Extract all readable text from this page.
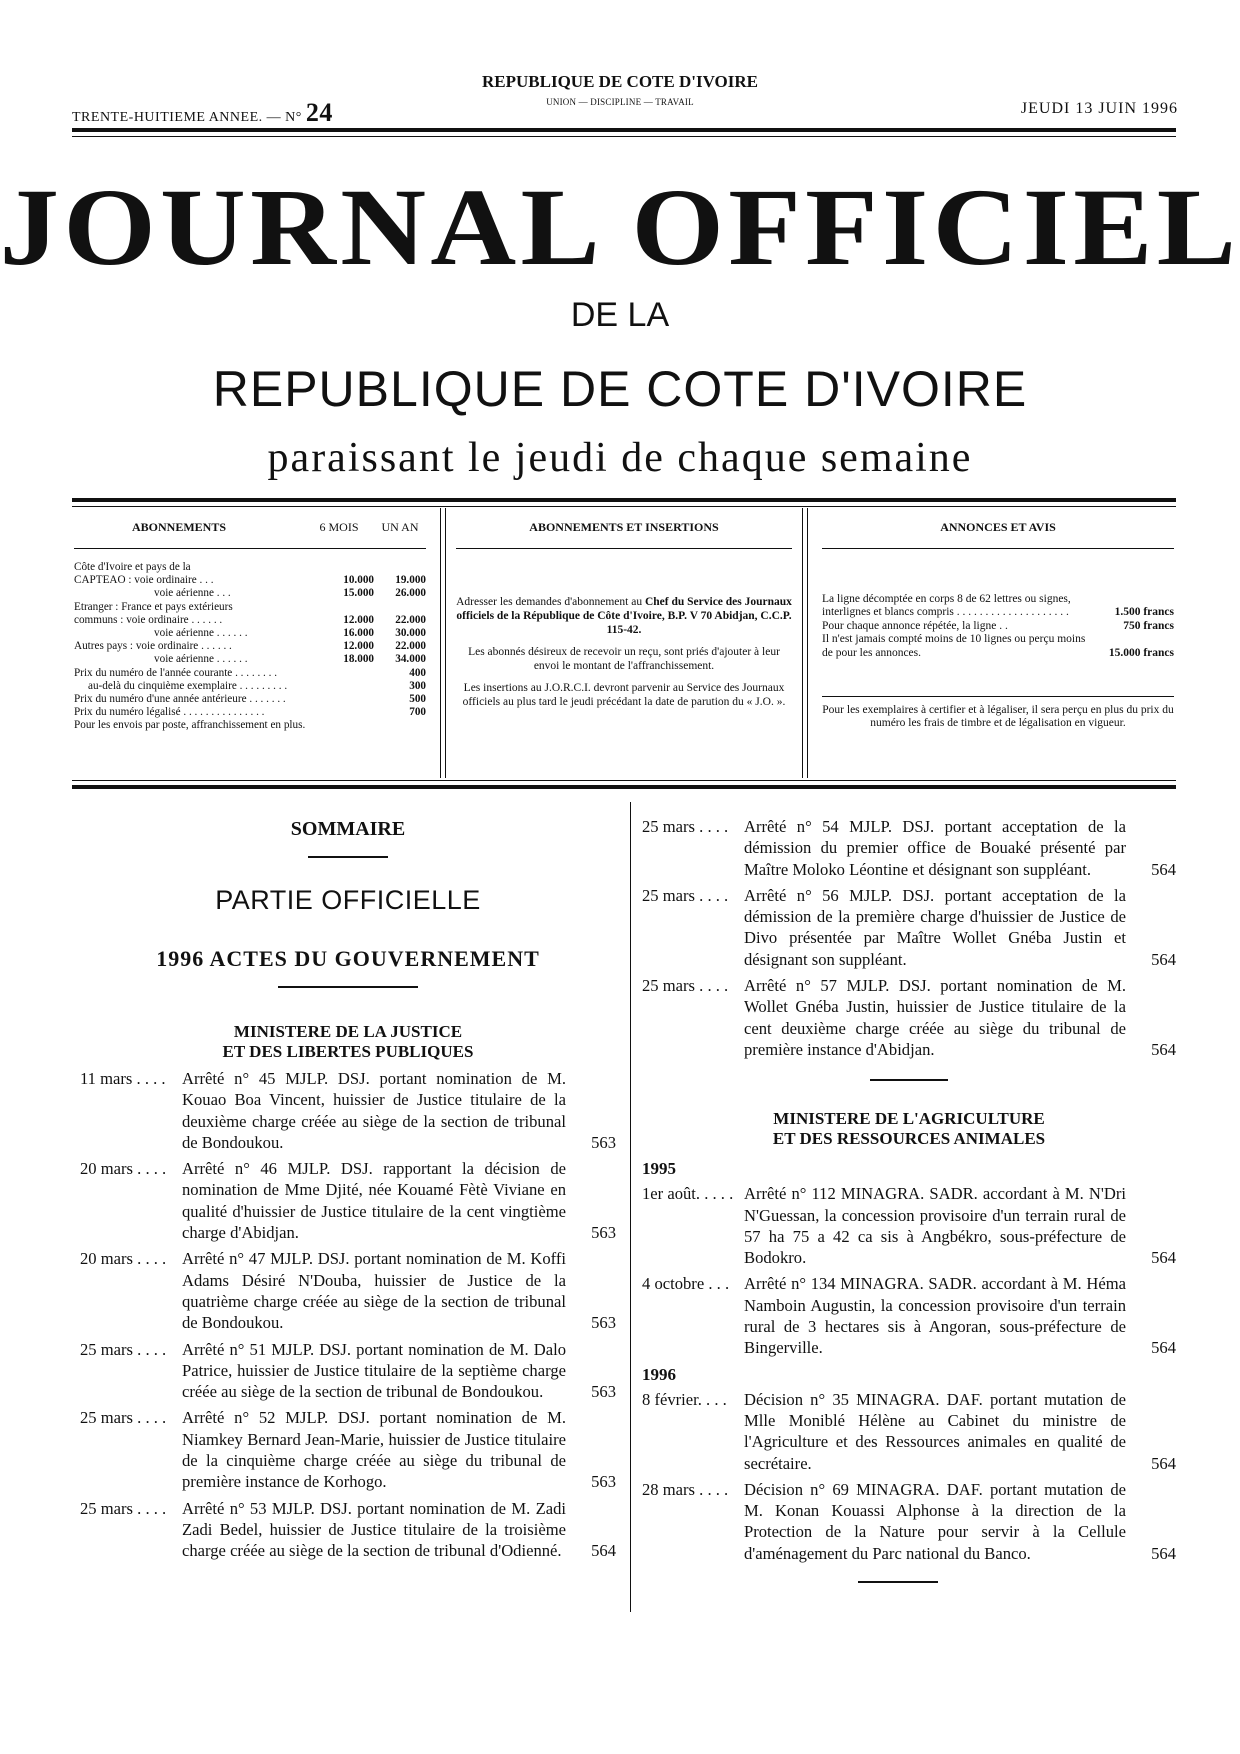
TRENTE-HUITIEME ANNEE. — N° 24
REPUBLIQUE DE COTE D'IVOIRE
UNION — DISCIPLINE — TRAVAIL	JEUDI 13 JUIN 1996
JOURNAL OFFICIEL
DE LA
REPUBLIQUE DE COTE D'IVOIRE
paraissant le jeudi de chaque semaine
ABONNEMENTS	6 MOIS	UN AN
Côte d'Ivoire et pays de la
CAPTEAO : voie ordinaire . . .	10.000	19.000
voie aérienne . . .	15.000	26.000
Etranger : France et pays extérieurs
communs : voie ordinaire . . . . . .	12.000	22.000
voie aérienne . . . . . .	16.000	30.000
Autres pays : voie ordinaire . . . . . .	12.000	22.000
voie aérienne . . . . . .	18.000	34.000
Prix du numéro de l'année courante . . . . . . . .	400
au-delà du cinquième exemplaire . . . . . . . . .	300
Prix du numéro d'une année antérieure . . . . . . .	500
Prix du numéro légalisé . . . . . . . . . . . . . . .	700
Pour les envois par poste, affranchissement en plus.
ABONNEMENTS ET INSERTIONS

Adresser les demandes d'abonnement au Chef du Service des Journaux officiels de la République de Côte d'Ivoire, B.P. V 70 Abidjan, C.C.P. 115-42.

Les abonnés désireux de recevoir un reçu, sont priés d'ajouter à leur envoi le montant de l'affranchissement.

Les insertions au J.O.R.C.I. devront parvenir au Service des Journaux officiels au plus tard le jeudi précédant la date de parution du « J.O. ».

ANNONCES ET AVIS
La ligne décomptée en corps 8 de 62 lettres ou signes, interlignes et blancs compris . . . . . . . . . . . . . . . . . . . .	1.500 francs
Pour chaque annonce répétée, la ligne . .	750 francs
Il n'est jamais compté moins de 10 lignes ou perçu moins de pour les annonces.	15.000 francs
Pour les exemplaires à certifier et à légaliser, il sera perçu en plus du prix du numéro les frais de timbre et de légalisation en vigueur.
SOMMAIRE
PARTIE OFFICIELLE
1996 ACTES DU GOUVERNEMENT
MINISTERE DE LA JUSTICE
ET DES LIBERTES PUBLIQUES
11 mars . . . . Arrêté n° 45 MJLP. DSJ. portant nomination de M. Kouao Boa Vincent, huissier de Justice titulaire de la deuxième charge créée au siège de la section de tribunal de Bondoukou.	563
20 mars . . . . Arrêté n° 46 MJLP. DSJ. rapportant la décision de nomination de Mme Djité, née Kouamé Fètè Viviane en qualité d'huissier de Justice titulaire de la cent vingtième charge d'Abidjan.	563
20 mars . . . . Arrêté n° 47 MJLP. DSJ. portant nomination de M. Koffi Adams Désiré N'Douba, huissier de Justice de la quatrième charge créée au siège de la section de tribunal de Bondoukou.	563
25 mars . . . . Arrêté n° 51 MJLP. DSJ. portant nomination de M. Dalo Patrice, huissier de Justice titulaire de la septième charge créée au siège de la section de tribunal de Bondoukou.	563
25 mars . . . . Arrêté n° 52 MJLP. DSJ. portant nomination de M. Niamkey Bernard Jean-Marie, huissier de Justice titulaire de la cinquième charge créée au siège du tribunal de première instance de Korhogo.	563
25 mars . . . . Arrêté n° 53 MJLP. DSJ. portant nomination de M. Zadi Zadi Bedel, huissier de Justice titulaire de la troisième charge créée au siège de la section de tribunal d'Odienné.	564
25 mars . . . . Arrêté n° 54 MJLP. DSJ. portant acceptation de la démission du premier office de Bouaké présenté par Maître Moloko Léontine et désignant son suppléant.	564
25 mars . . . . Arrêté n° 56 MJLP. DSJ. portant acceptation de la démission de la première charge d'huissier de Justice de Divo présentée par Maître Wollet Gnéba Justin et désignant son suppléant.	564
25 mars . . . . Arrêté n° 57 MJLP. DSJ. portant nomination de M. Wollet Gnéba Justin, huissier de Justice titulaire de la cent deuxième charge créée au siège du tribunal de première instance d'Abidjan.	564
MINISTERE DE L'AGRICULTURE
ET DES RESSOURCES ANIMALES
1995
1er août. . . . . Arrêté n° 112 MINAGRA. SADR. accordant à M. N'Dri N'Guessan, la concession provisoire d'un terrain rural de 57 ha 75 a 42 ca sis à Angbékro, sous-préfecture de Bodokro.	564
4 octobre . . . Arrêté n° 134 MINAGRA. SADR. accordant à M. Héma Namboin Augustin, la concession provisoire d'un terrain rural de 3 hectares sis à Angoran, sous-préfecture de Bingerville.	564
1996
8 février. . . .	Décision n° 35 MINAGRA. DAF. portant mutation de Mlle Moniblé Hélène au Cabinet du ministre de l'Agriculture et des Ressources animales en qualité de secrétaire.	564
28 mars . . . . Décision n° 69 MINAGRA. DAF. portant mutation de M. Konan Kouassi Alphonse à la direction de la Protection de la Nature pour servir à la Cellule d'aménagement du Parc national du Banco.	564
